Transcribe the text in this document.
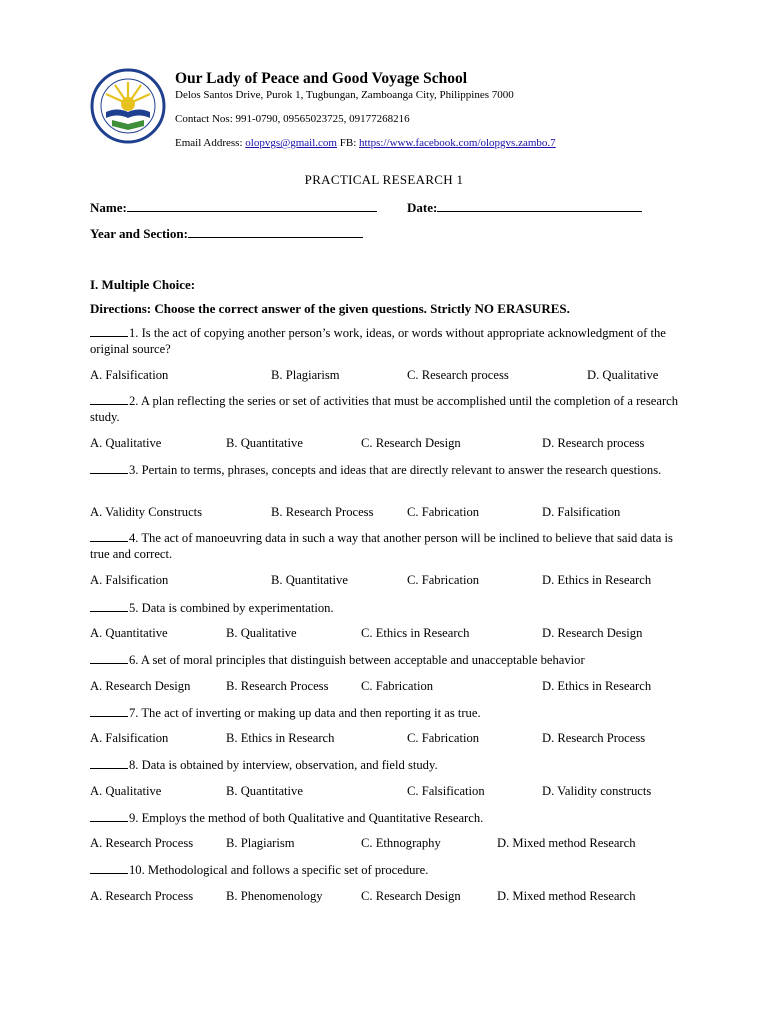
Our Lady of Peace and Good Voyage School
Delos Santos Drive, Purok 1, Tugbungan, Zamboanga City, Philippines 7000
Contact Nos: 991-0790, 09565023725, 09177268216
Email Address: olopvgs@gmail.com FB: https://www.facebook.com/olopgvs.zambo.7
PRACTICAL RESEARCH 1
Name:	Date:
Year and Section:
I. Multiple Choice:
Directions: Choose the correct answer of the given questions. Strictly NO ERASURES.
1. Is the act of copying another person’s work, ideas, or words without appropriate acknowledgment of the original source?
A. Falsification	B. Plagiarism	C. Research process	D. Qualitative
2. A plan reflecting the series or set of activities that must be accomplished until the completion of a research study.
A. Qualitative	B. Quantitative	C. Research Design	D. Research process
3. Pertain to terms, phrases, concepts and ideas that are directly relevant to answer the research questions.
A. Validity Constructs	B. Research Process	C. Fabrication	D. Falsification
4. The act of manoeuvring data in such a way that another person will be inclined to believe that said data is true and correct.
A. Falsification	B. Quantitative	C. Fabrication	D. Ethics in Research
5. Data is combined by experimentation.
A. Quantitative	B. Qualitative	C. Ethics in Research	D. Research Design
6. A set of moral principles that distinguish between acceptable and unacceptable behavior
A. Research Design	B. Research Process	C. Fabrication	D. Ethics in Research
7. The act of inverting or making up data and then reporting it as true.
A. Falsification	B. Ethics in Research	C. Fabrication	D. Research Process
8. Data is obtained by interview, observation, and field study.
A. Qualitative	B. Quantitative	C. Falsification	D. Validity constructs
9. Employs the method of both Qualitative and Quantitative Research.
A. Research Process	B. Plagiarism	C. Ethnography	D. Mixed method Research
10. Methodological and follows a specific set of procedure.
A. Research Process	B. Phenomenology	C. Research Design	D. Mixed method Research
